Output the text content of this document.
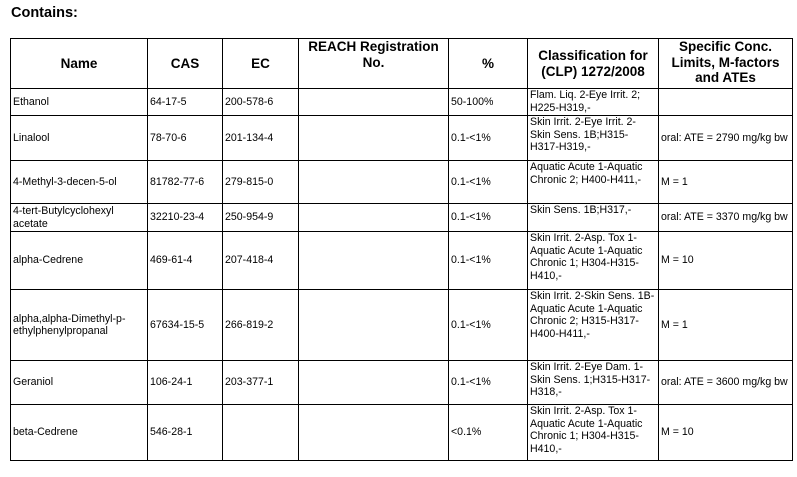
Contains:
Name	CAS	EC	REACH Registration No.	%	Classification for (CLP) 1272/2008	Specific Conc. Limits, M-factors and ATEs
Ethanol	64-17-5	200-578-6		50-100%	Flam. Liq. 2-Eye Irrit. 2; H225-H319,-	
Linalool	78-70-6	201-134-4		0.1-<1%	Skin Irrit. 2-Eye Irrit. 2-Skin Sens. 1B;H315-H317-H319,-	oral: ATE = 2790 mg/kg bw
4-Methyl-3-decen-5-ol	81782-77-6	279-815-0		0.1-<1%	Aquatic Acute 1-Aquatic Chronic 2; H400-H411,-	M = 1
4-tert-Butylcyclohexyl acetate	32210-23-4	250-954-9		0.1-<1%	Skin Sens. 1B;H317,-	oral: ATE = 3370 mg/kg bw
alpha-Cedrene	469-61-4	207-418-4		0.1-<1%	Skin Irrit. 2-Asp. Tox 1-Aquatic Acute 1-Aquatic Chronic 1; H304-H315-H410,-	M = 10
alpha,alpha-Dimethyl-p-ethylphenylpropanal	67634-15-5	266-819-2		0.1-<1%	Skin Irrit. 2-Skin Sens. 1B-Aquatic Acute 1-Aquatic Chronic 2; H315-H317-H400-H411,-	M = 1
Geraniol	106-24-1	203-377-1		0.1-<1%	Skin Irrit. 2-Eye Dam. 1-Skin Sens. 1;H315-H317-H318,-	oral: ATE = 3600 mg/kg bw
beta-Cedrene	546-28-1			<0.1%	Skin Irrit. 2-Asp. Tox 1-Aquatic Acute 1-Aquatic Chronic 1; H304-H315-H410,-	M = 10
